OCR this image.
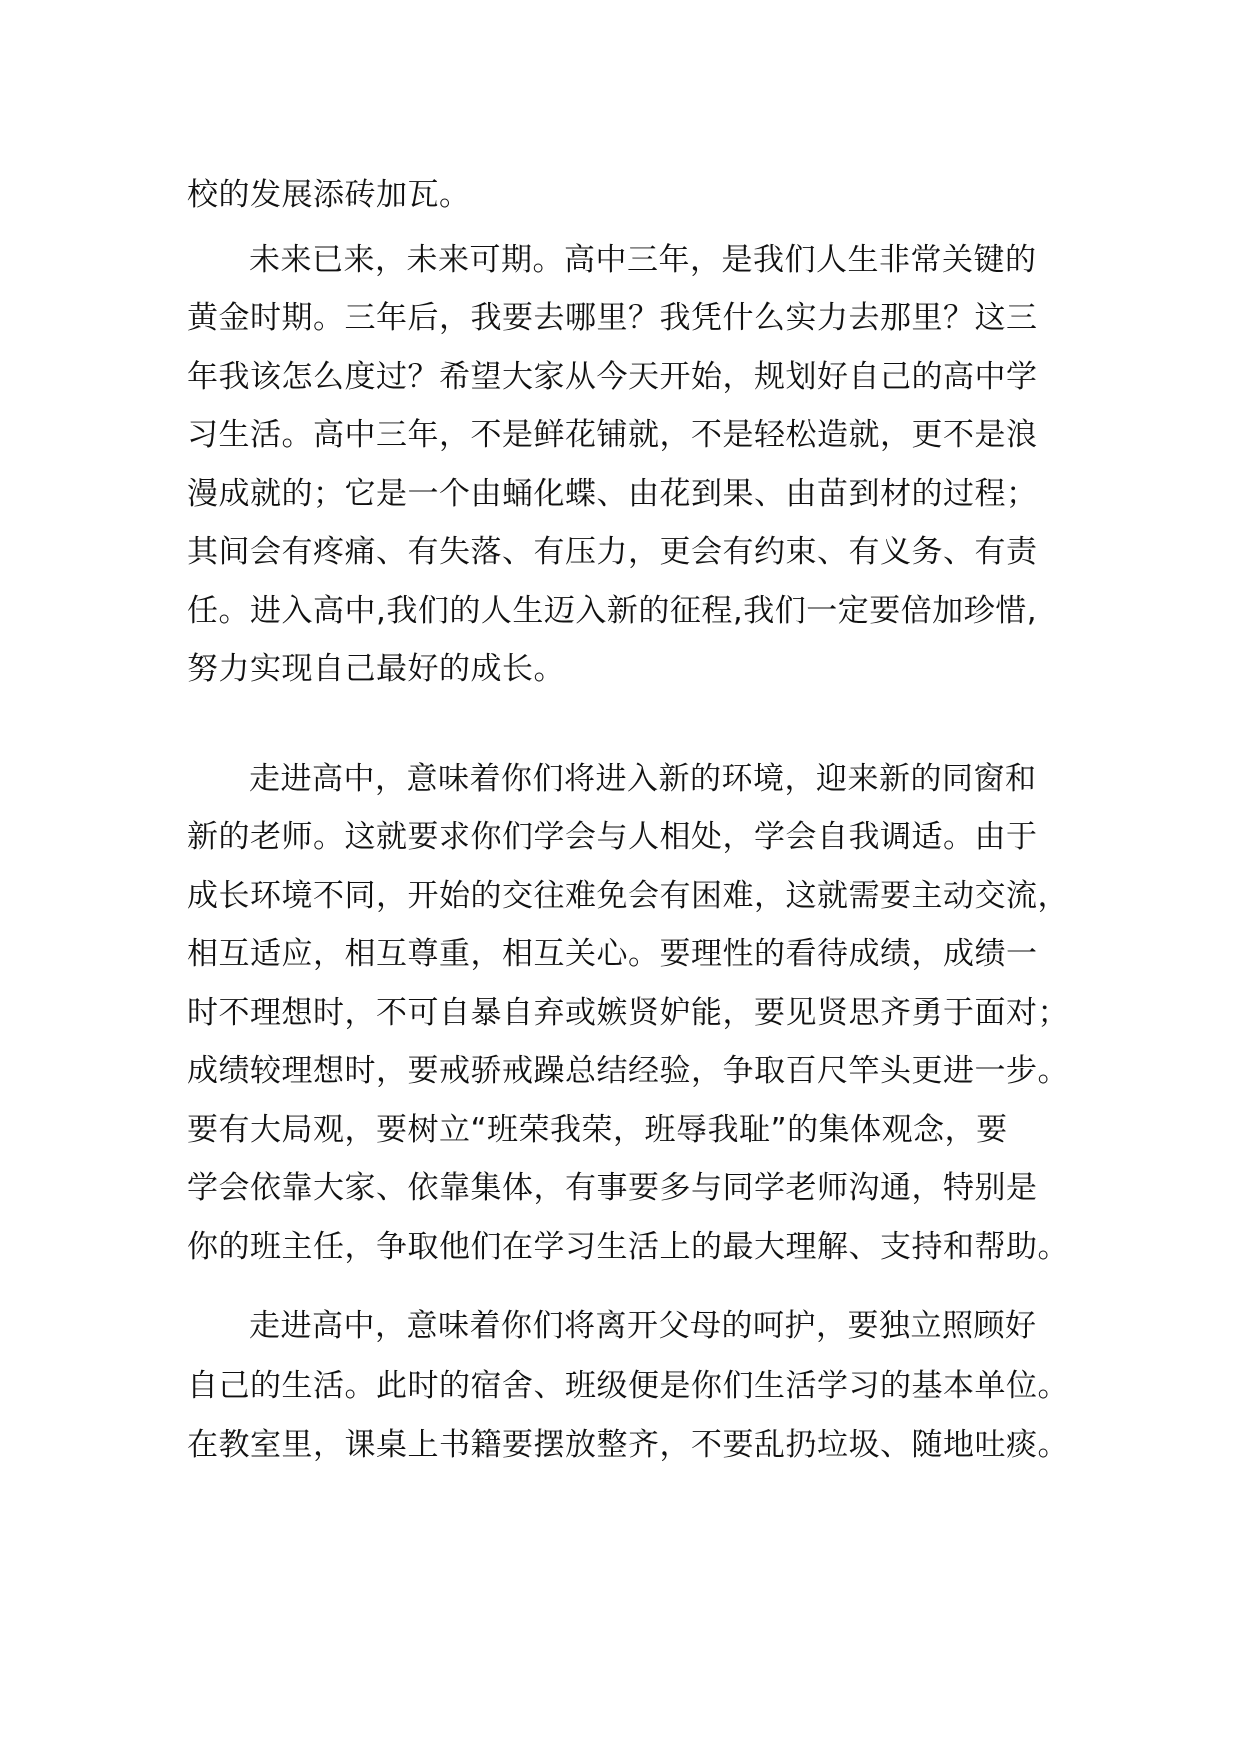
校的发展添砖加瓦。
未来已来，未来可期。高中三年，是我们人生非常关键的
黄金时期。三年后，我要去哪里？我凭什么实力去那里？这三
年我该怎么度过？希望大家从今天开始，规划好自己的高中学
习生活。高中三年，不是鲜花铺就，不是轻松造就，更不是浪
漫成就的；它是一个由蛹化蝶、由花到果、由苗到材的过程；
其间会有疼痛、有失落、有压力，更会有约束、有义务、有责
任。进入高中,我们的人生迈入新的征程,我们一定要倍加珍惜,
努力实现自己最好的成长。
走进高中，意味着你们将进入新的环境，迎来新的同窗和
新的老师。这就要求你们学会与人相处，学会自我调适。由于
成长环境不同，开始的交往难免会有困难，这就需要主动交流，
相互适应，相互尊重，相互关心。要理性的看待成绩，成绩一
时不理想时，不可自暴自弃或嫉贤妒能，要见贤思齐勇于面对；
成绩较理想时，要戒骄戒躁总结经验，争取百尺竿头更进一步。
要有大局观，要树立“班荣我荣，班辱我耻”的集体观念，要
学会依靠大家、依靠集体，有事要多与同学老师沟通，特别是
你的班主任，争取他们在学习生活上的最大理解、支持和帮助。
走进高中，意味着你们将离开父母的呵护，要独立照顾好
自己的生活。此时的宿舍、班级便是你们生活学习的基本单位。
在教室里，课桌上书籍要摆放整齐，不要乱扔垃圾、随地吐痰。
